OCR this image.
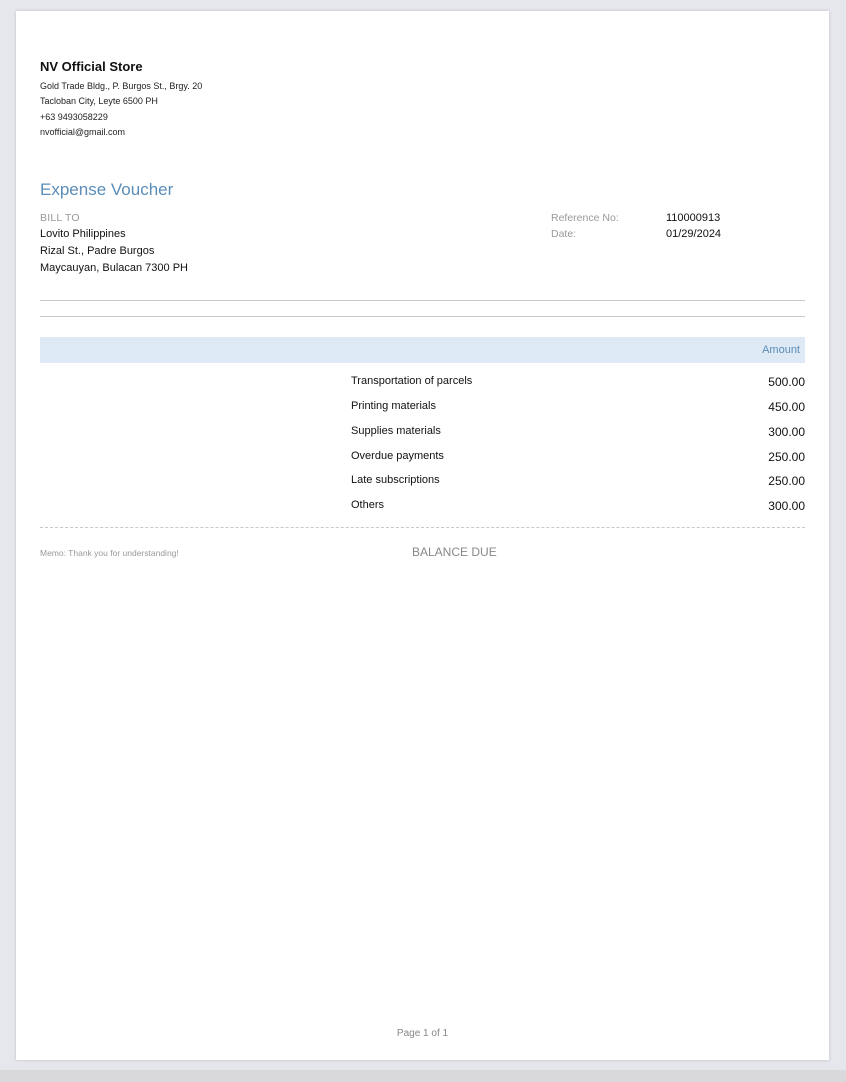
NV Official Store
Gold Trade Bldg., P. Burgos St., Brgy. 20
Tacloban City, Leyte 6500 PH
+63 9493058229
nvofficial@gmail.com
Expense Voucher
BILL TO
Lovito Philippines
Rizal St., Padre Burgos
Maycauyan, Bulacan 7300 PH
Reference No:	110000913
Date:	01/29/2024
Amount
Transportation of parcels	500.00
Printing materials	450.00
Supplies materials	300.00
Overdue payments	250.00
Late subscriptions	250.00
Others	300.00
Memo: Thank you for understanding!	BALANCE DUE
Page 1 of 1
